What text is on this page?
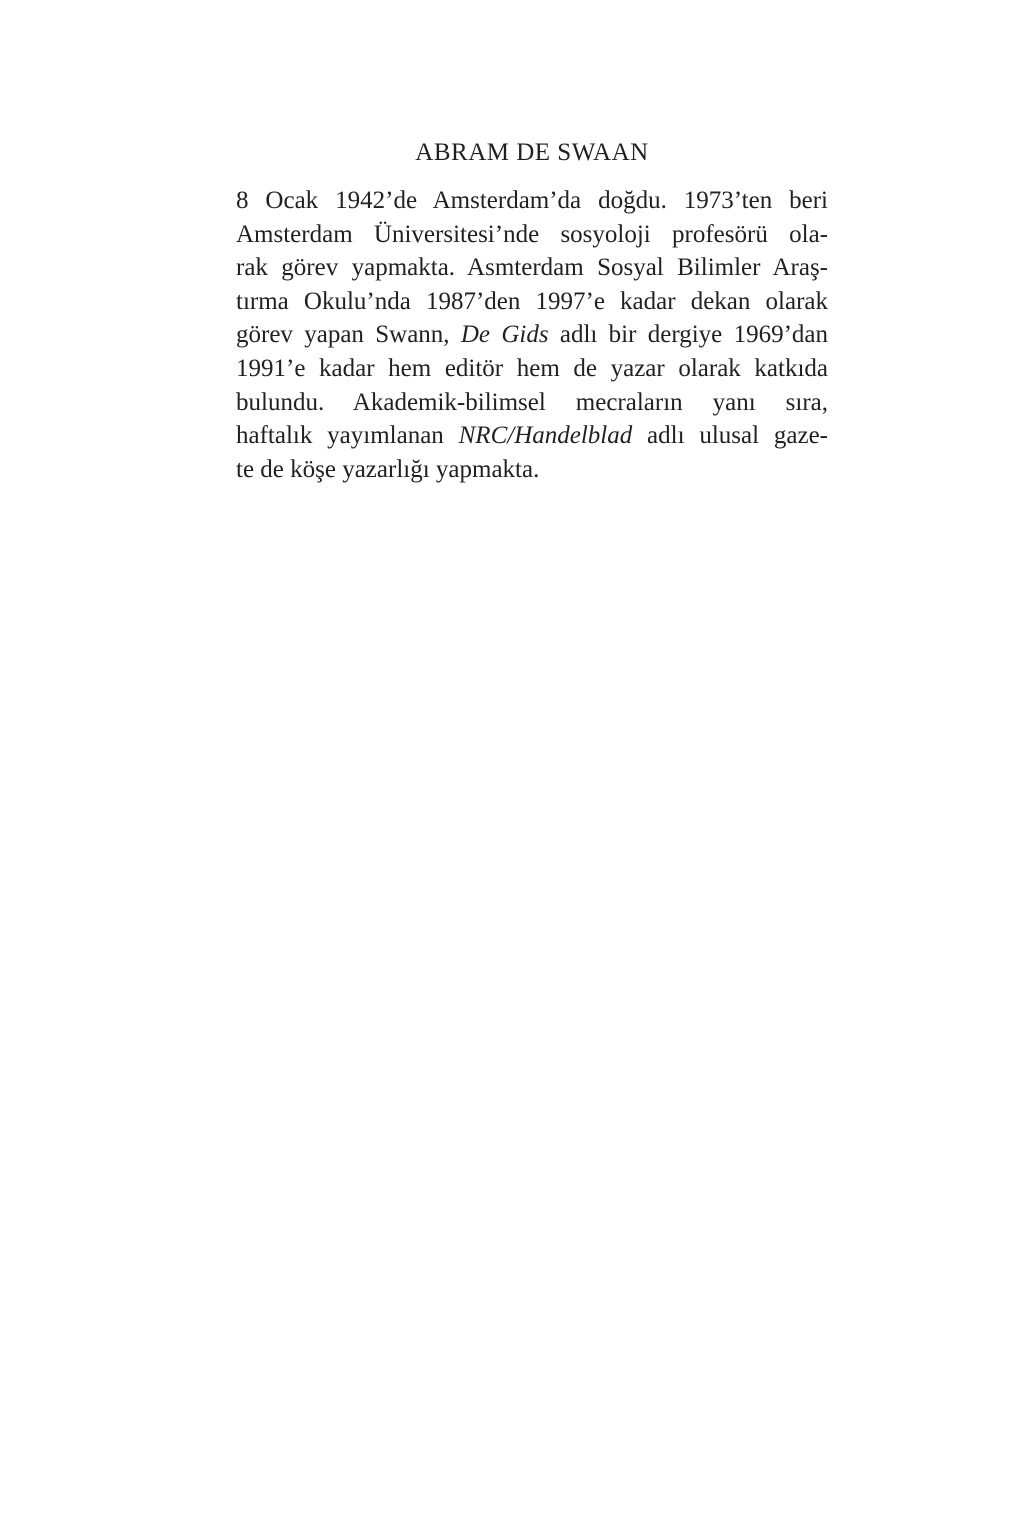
ABRAM DE SWAAN
8 Ocak 1942’de Amsterdam’da doğdu. 1973’ten beri
Amsterdam Üniversitesi’nde sosyoloji profesörü ola-
rak görev yapmakta. Asmterdam Sosyal Bilimler Araş-
tırma Okulu’nda 1987’den 1997’e kadar dekan olarak
görev yapan Swann, De Gids adlı bir dergiye 1969’dan
1991’e kadar hem editör hem de yazar olarak katkıda
bulundu. Akademik-bilimsel mecraların yanı sıra,
haftalık yayımlanan NRC/Handelblad adlı ulusal gaze-
te de köşe yazarlığı yapmakta.
